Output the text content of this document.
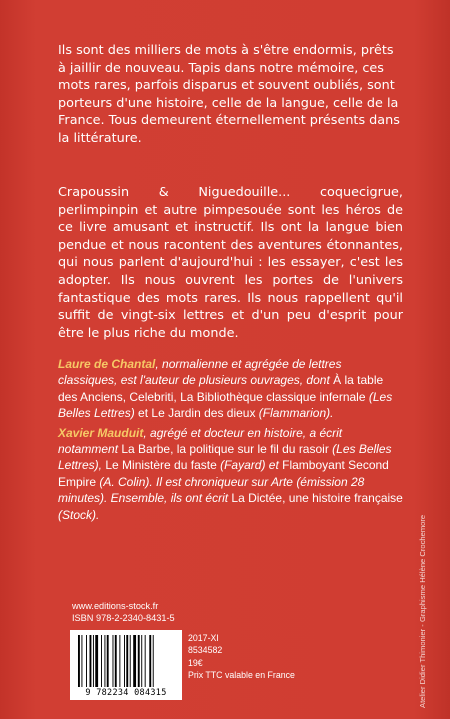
Ils sont des milliers de mots à s'être endormis, prêts à jaillir de nouveau. Tapis dans notre mémoire, ces mots rares, parfois disparus et souvent oubliés, sont porteurs d'une histoire, celle de la langue, celle de la France. Tous demeurent éternellement présents dans la littérature.
Crapoussin & Niguedouille... coquecigrue, perlimpinpin et autre pimpesouée sont les héros de ce livre amusant et instructif. Ils ont la langue bien pendue et nous racontent des aventures étonnantes, qui nous parlent d'aujourd'hui : les essayer, c'est les adopter. Ils nous ouvrent les portes de l'univers fantastique des mots rares. Ils nous rappellent qu'il suffit de vingt-six lettres et d'un peu d'esprit pour être le plus riche du monde.

Laure de Chantal, normalienne et agrégée de lettres classiques, est l'auteur de plusieurs ouvrages, dont À la table des Anciens, Celebriti, La Bibliothèque classique infernale (Les Belles Lettres) et Le Jardin des dieux (Flammarion).

Xavier Mauduit, agrégé et docteur en histoire, a écrit notamment La Barbe, la politique sur le fil du rasoir (Les Belles Lettres), Le Ministère du faste (Fayard) et Flamboyant Second Empire (A. Colin). Il est chroniqueur sur Arte (émission 28 minutes). Ensemble, ils ont écrit La Dictée, une histoire française (Stock).

www.editions-stock.fr
ISBN 978-2-2340-8431-5
9 782234 084315
2017-XI
8534582
19€
Prix TTC valable en France	Atelier Didier Thimonier - Graphisme Hélène Crochemore
